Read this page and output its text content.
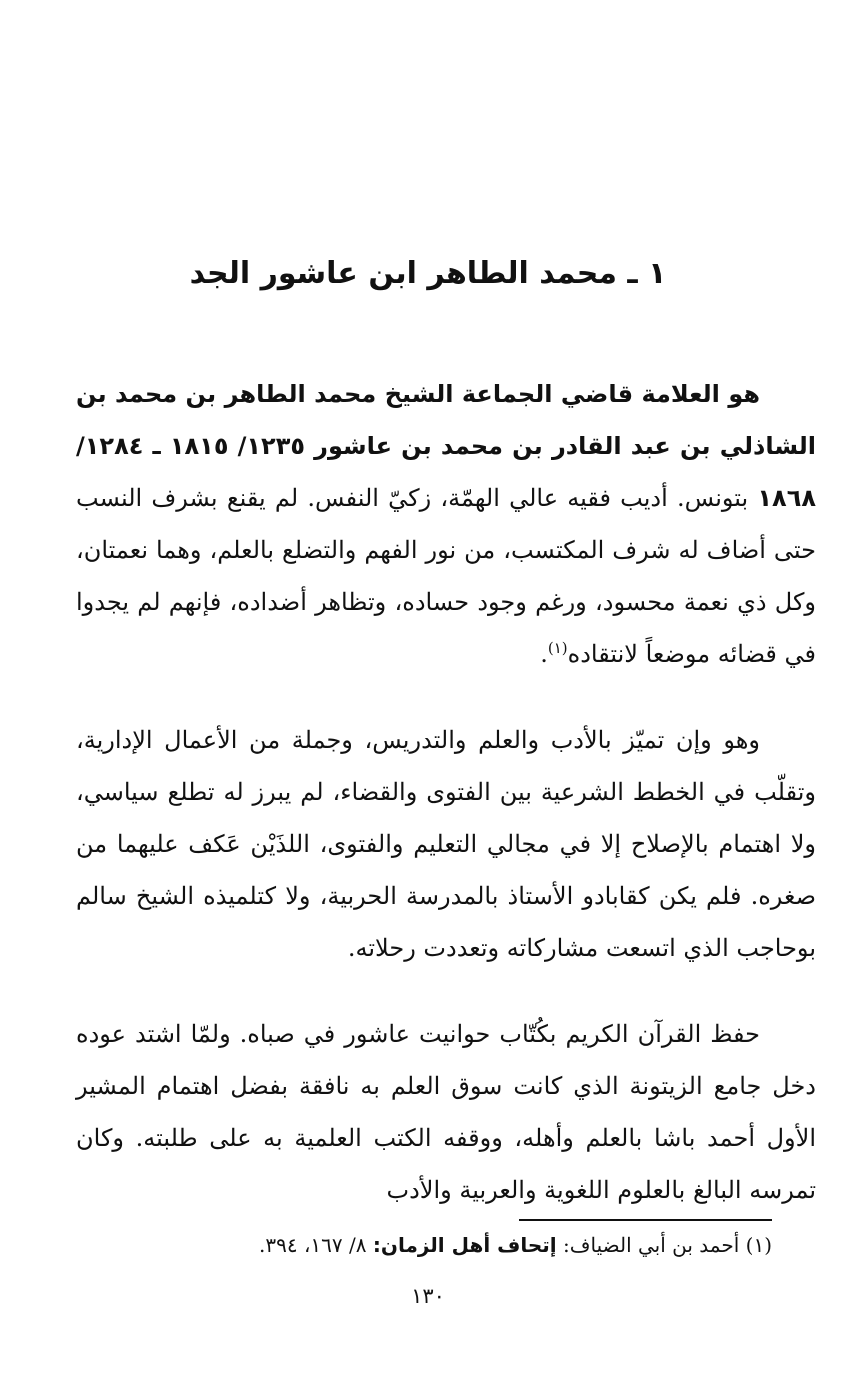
١ ـ محمد الطاهر ابن عاشور الجد

هو العلامة قاضي الجماعة الشيخ محمد الطاهر بن محمد بن الشاذلي بن عبد القادر بن محمد بن عاشور ١٢٣٥/ ١٨١٥ ـ ١٢٨٤/ ١٨٦٨ بتونس. أديب فقيه عالي الهمّة، زكيّ النفس. لم يقنع بشرف النسب حتى أضاف له شرف المكتسب، من نور الفهم والتضلع بالعلم، وهما نعمتان، وكل ذي نعمة محسود، ورغم وجود حساده، وتظاهر أضداده، فإنهم لم يجدوا في قضائه موضعاً لانتقاده$^{(١)}$.

وهو وإن تميّز بالأدب والعلم والتدريس، وجملة من الأعمال الإدارية، وتقلّب في الخطط الشرعية بين الفتوى والقضاء، لم يبرز له تطلع سياسي، ولا اهتمام بالإصلاح إلا في مجالي التعليم والفتوى، اللذَيْن عَكف عليهما من صغره. فلم يكن كقابادو الأستاذ بالمدرسة الحربية، ولا كتلميذه الشيخ سالم بوحاجب الذي اتسعت مشاركاته وتعددت رحلاته.

حفظ القرآن الكريم بكُتّاب حوانيت عاشور في صباه. ولمّا اشتد عوده دخل جامع الزيتونة الذي كانت سوق العلم به نافقة بفضل اهتمام المشير الأول أحمد باشا بالعلم وأهله، ووقفه الكتب العلمية به على طلبته. وكان تمرسه البالغ بالعلوم اللغوية والعربية والأدب

(١) أحمد بن أبي الضياف: إتحاف أهل الزمان: ٨/ ١٦٧، ٣٩٤.

١٣٠
